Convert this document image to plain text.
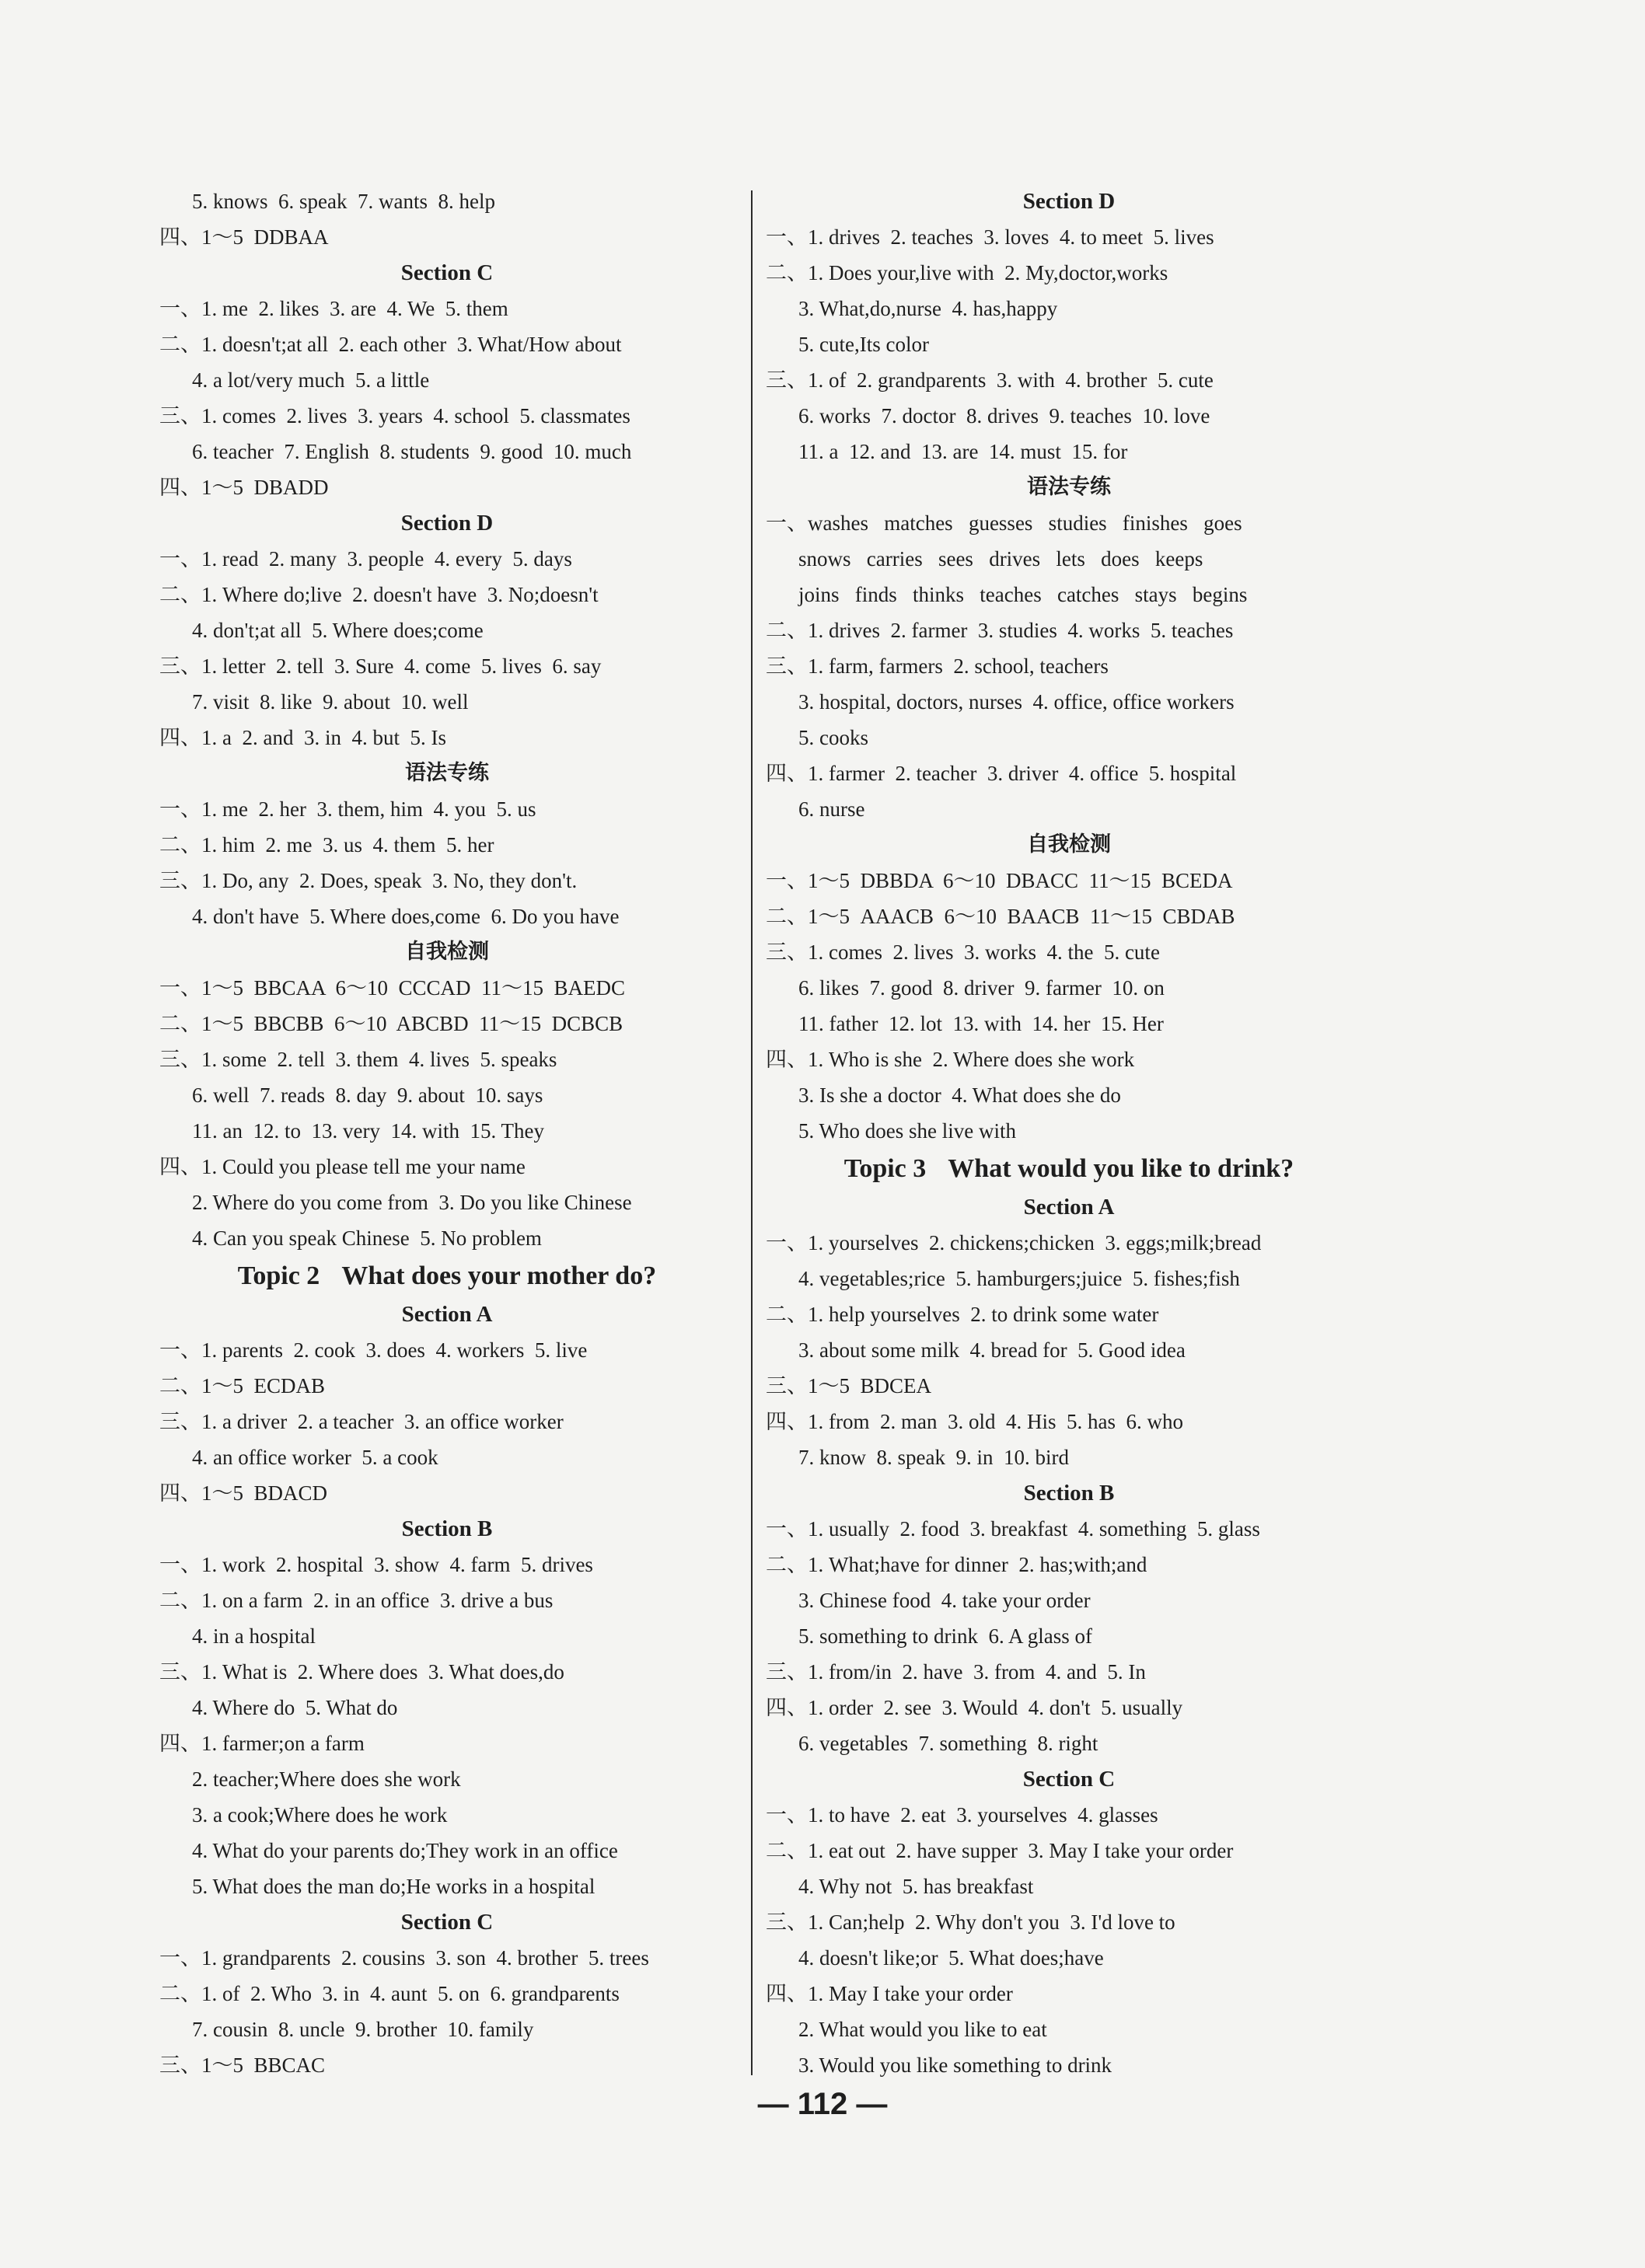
5. knows  6. speak  7. wants  8. help
四、1～5  DDBAA
Section C
一、1. me  2. likes  3. are  4. We  5. them
二、1. doesn't;at all  2. each other  3. What/How about
4. a lot/very much  5. a little
三、1. comes  2. lives  3. years  4. school  5. classmates
6. teacher  7. English  8. students  9. good  10. much
四、1～5  DBADD
Section D
一、1. read  2. many  3. people  4. every  5. days
二、1. Where do;live  2. doesn't have  3. No;doesn't
4. don't;at all  5. Where does;come
三、1. letter  2. tell  3. Sure  4. come  5. lives  6. say
7. visit  8. like  9. about  10. well
四、1. a  2. and  3. in  4. but  5. Is
语法专练
一、1. me  2. her  3. them, him  4. you  5. us
二、1. him  2. me  3. us  4. them  5. her
三、1. Do, any  2. Does, speak  3. No, they don't.
4. don't have  5. Where does,come  6. Do you have
自我检测
一、1～5  BBCAA  6～10  CCCAD  11～15  BAEDC
二、1～5  BBCBB  6～10  ABCBD  11～15  DCBCB
三、1. some  2. tell  3. them  4. lives  5. speaks
6. well  7. reads  8. day  9. about  10. says
11. an  12. to  13. very  14. with  15. They
四、1. Could you please tell me your name
2. Where do you come from  3. Do you like Chinese
4. Can you speak Chinese  5. No problem
Topic 2 What does your mother do?
Section A
一、1. parents  2. cook  3. does  4. workers  5. live
二、1～5  ECDAB
三、1. a driver  2. a teacher  3. an office worker
4. an office worker  5. a cook
四、1～5  BDACD
Section B
一、1. work  2. hospital  3. show  4. farm  5. drives
二、1. on a farm  2. in an office  3. drive a bus
4. in a hospital
三、1. What is  2. Where does  3. What does,do
4. Where do  5. What do
四、1. farmer;on a farm
2. teacher;Where does she work
3. a cook;Where does he work
4. What do your parents do;They work in an office
5. What does the man do;He works in a hospital
Section C
一、1. grandparents  2. cousins  3. son  4. brother  5. trees
二、1. of  2. Who  3. in  4. aunt  5. on  6. grandparents
7. cousin  8. uncle  9. brother  10. family
三、1～5  BBCAC
Section D
一、1. drives  2. teaches  3. loves  4. to meet  5. lives
二、1. Does your,live with  2. My,doctor,works
3. What,do,nurse  4. has,happy
5. cute,Its color
三、1. of  2. grandparents  3. with  4. brother  5. cute
6. works  7. doctor  8. drives  9. teaches  10. love
11. a  12. and  13. are  14. must  15. for
语法专练
一、washes   matches   guesses   studies   finishes   goes
snows   carries   sees   drives   lets   does   keeps
joins   finds   thinks   teaches   catches   stays   begins
二、1. drives  2. farmer  3. studies  4. works  5. teaches
三、1. farm, farmers  2. school, teachers
3. hospital, doctors, nurses  4. office, office workers
5. cooks
四、1. farmer  2. teacher  3. driver  4. office  5. hospital
6. nurse
自我检测
一、1～5  DBBDA  6～10  DBACC  11～15  BCEDA
二、1～5  AAACB  6～10  BAACB  11～15  CBDAB
三、1. comes  2. lives  3. works  4. the  5. cute
6. likes  7. good  8. driver  9. farmer  10. on
11. father  12. lot  13. with  14. her  15. Her
四、1. Who is she  2. Where does she work
3. Is she a doctor  4. What does she do
5. Who does she live with
Topic 3 What would you like to drink?
Section A
一、1. yourselves  2. chickens;chicken  3. eggs;milk;bread
4. vegetables;rice  5. hamburgers;juice  5. fishes;fish
二、1. help yourselves  2. to drink some water
3. about some milk  4. bread for  5. Good idea
三、1～5  BDCEA
四、1. from  2. man  3. old  4. His  5. has  6. who
7. know  8. speak  9. in  10. bird
Section B
一、1. usually  2. food  3. breakfast  4. something  5. glass
二、1. What;have for dinner  2. has;with;and
3. Chinese food  4. take your order
5. something to drink  6. A glass of
三、1. from/in  2. have  3. from  4. and  5. In
四、1. order  2. see  3. Would  4. don't  5. usually
6. vegetables  7. something  8. right
Section C
一、1. to have  2. eat  3. yourselves  4. glasses
二、1. eat out  2. have supper  3. May I take your order
4. Why not  5. has breakfast
三、1. Can;help  2. Why don't you  3. I'd love to
4. doesn't like;or  5. What does;have
四、1. May I take your order
2. What would you like to eat
3. Would you like something to drink
— 112 —
